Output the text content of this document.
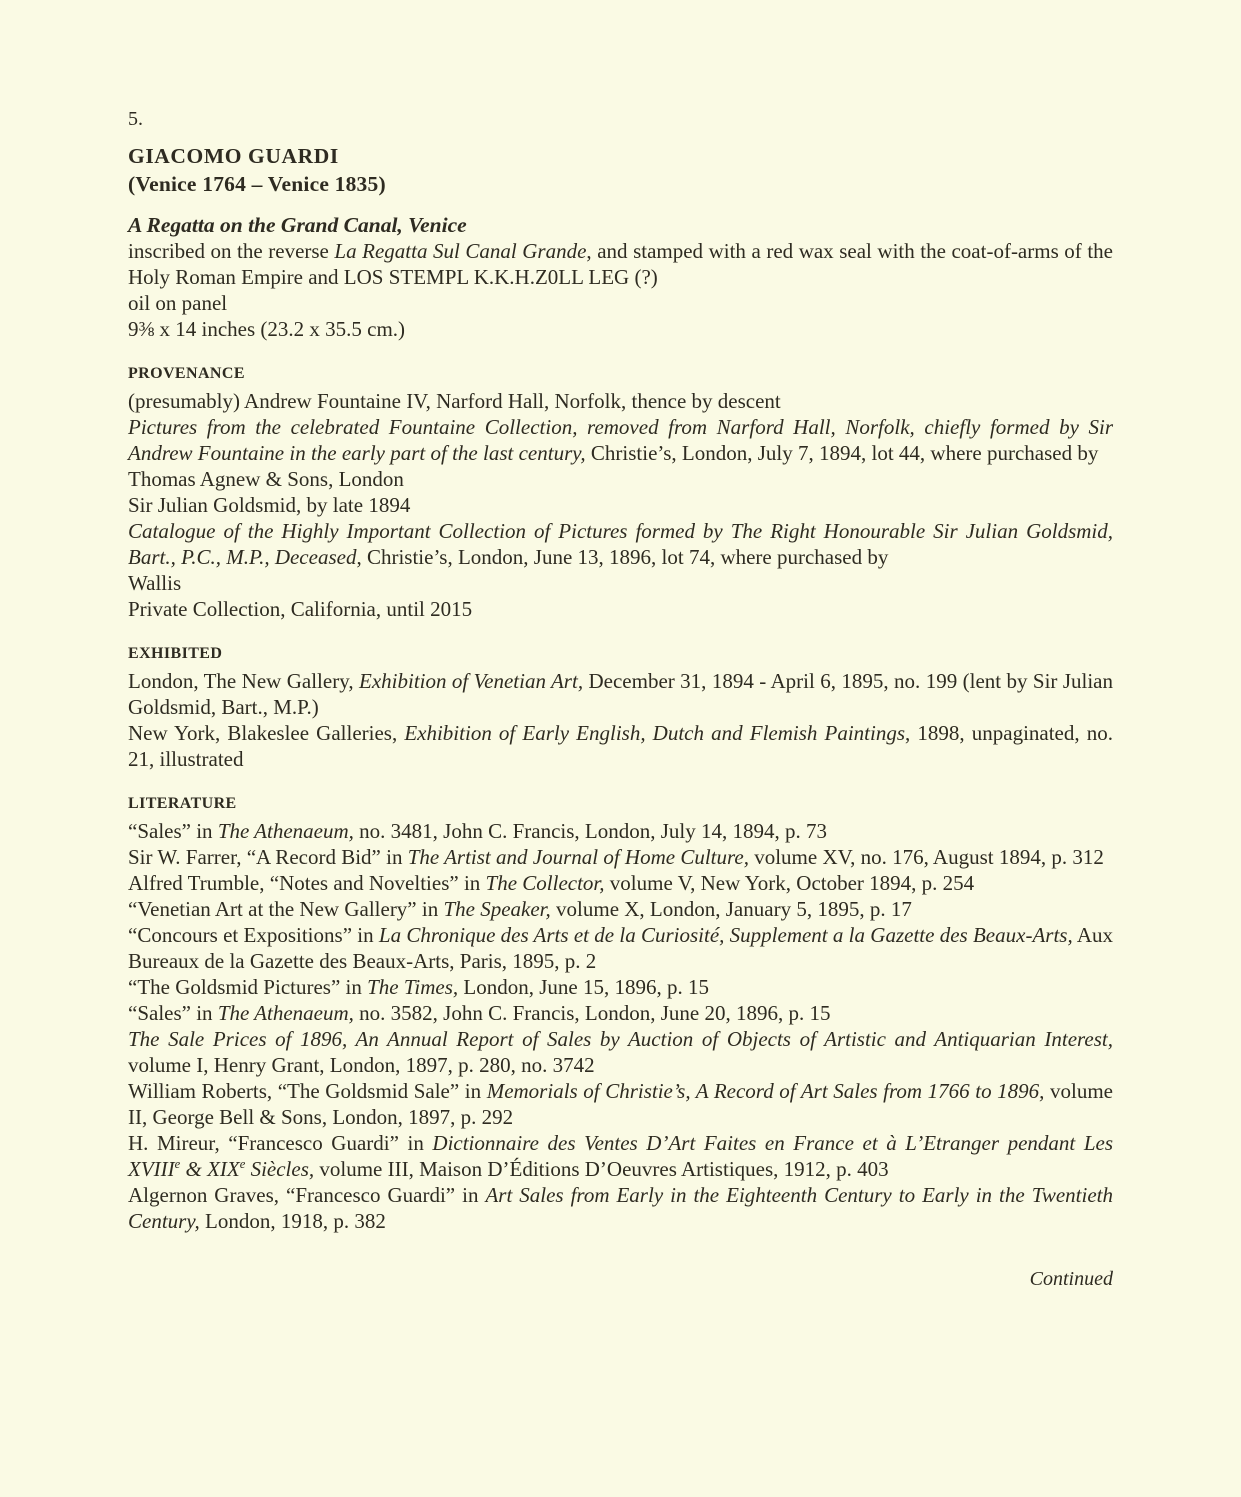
5.
GIACOMO GUARDI
(Venice 1764 – Venice 1835)
A Regatta on the Grand Canal, Venice

inscribed on the reverse La Regatta Sul Canal Grande, and stamped with a red wax seal with the coat-of-arms of the Holy Roman Empire and LOS STEMPL K.K.H.Z0LL LEG (?)

oil on panel
9⅜ x 14 inches (23.2 x 35.5 cm.)
PROVENANCE

(presumably) Andrew Fountaine IV, Narford Hall, Norfolk, thence by descent

Pictures from the celebrated Fountaine Collection, removed from Narford Hall, Norfolk, chiefly formed by Sir Andrew Fountaine in the early part of the last century, Christie’s, London, July 7, 1894, lot 44, where purchased by

Thomas Agnew & Sons, London

Sir Julian Goldsmid, by late 1894

Catalogue of the Highly Important Collection of Pictures formed by The Right Honourable Sir Julian Goldsmid, Bart., P.C., M.P., Deceased, Christie’s, London, June 13, 1896, lot 74, where purchased by

Wallis

Private Collection, California, until 2015

EXHIBITED

London, The New Gallery, Exhibition of Venetian Art, December 31, 1894 - April 6, 1895, no. 199 (lent by Sir Julian Goldsmid, Bart., M.P.)

New York, Blakeslee Galleries, Exhibition of Early English, Dutch and Flemish Paintings, 1898, unpaginated, no. 21, illustrated

LITERATURE

“Sales” in The Athenaeum, no. 3481, John C. Francis, London, July 14, 1894, p. 73

Sir W. Farrer, “A Record Bid” in The Artist and Journal of Home Culture, volume XV, no. 176, August 1894, p. 312

Alfred Trumble, “Notes and Novelties” in The Collector, volume V, New York, October 1894, p. 254

“Venetian Art at the New Gallery” in The Speaker, volume X, London, January 5, 1895, p. 17

“Concours et Expositions” in La Chronique des Arts et de la Curiosité, Supplement a la Gazette des Beaux-Arts, Aux Bureaux de la Gazette des Beaux-Arts, Paris, 1895, p. 2

“The Goldsmid Pictures” in The Times, London, June 15, 1896, p. 15

“Sales” in The Athenaeum, no. 3582, John C. Francis, London, June 20, 1896, p. 15

The Sale Prices of 1896, An Annual Report of Sales by Auction of Objects of Artistic and Antiquarian Interest, volume I, Henry Grant, London, 1897, p. 280, no. 3742

William Roberts, “The Goldsmid Sale” in Memorials of Christie’s, A Record of Art Sales from 1766 to 1896, volume II, George Bell & Sons, London, 1897, p. 292

H. Mireur, “Francesco Guardi” in Dictionnaire des Ventes D’Art Faites en France et à L’Etranger pendant Les XVIIIe & XIXe Siècles, volume III, Maison D’Éditions D’Oeuvres Artistiques, 1912, p. 403

Algernon Graves, “Francesco Guardi” in Art Sales from Early in the Eighteenth Century to Early in the Twentieth Century, London, 1918, p. 382

Continued
